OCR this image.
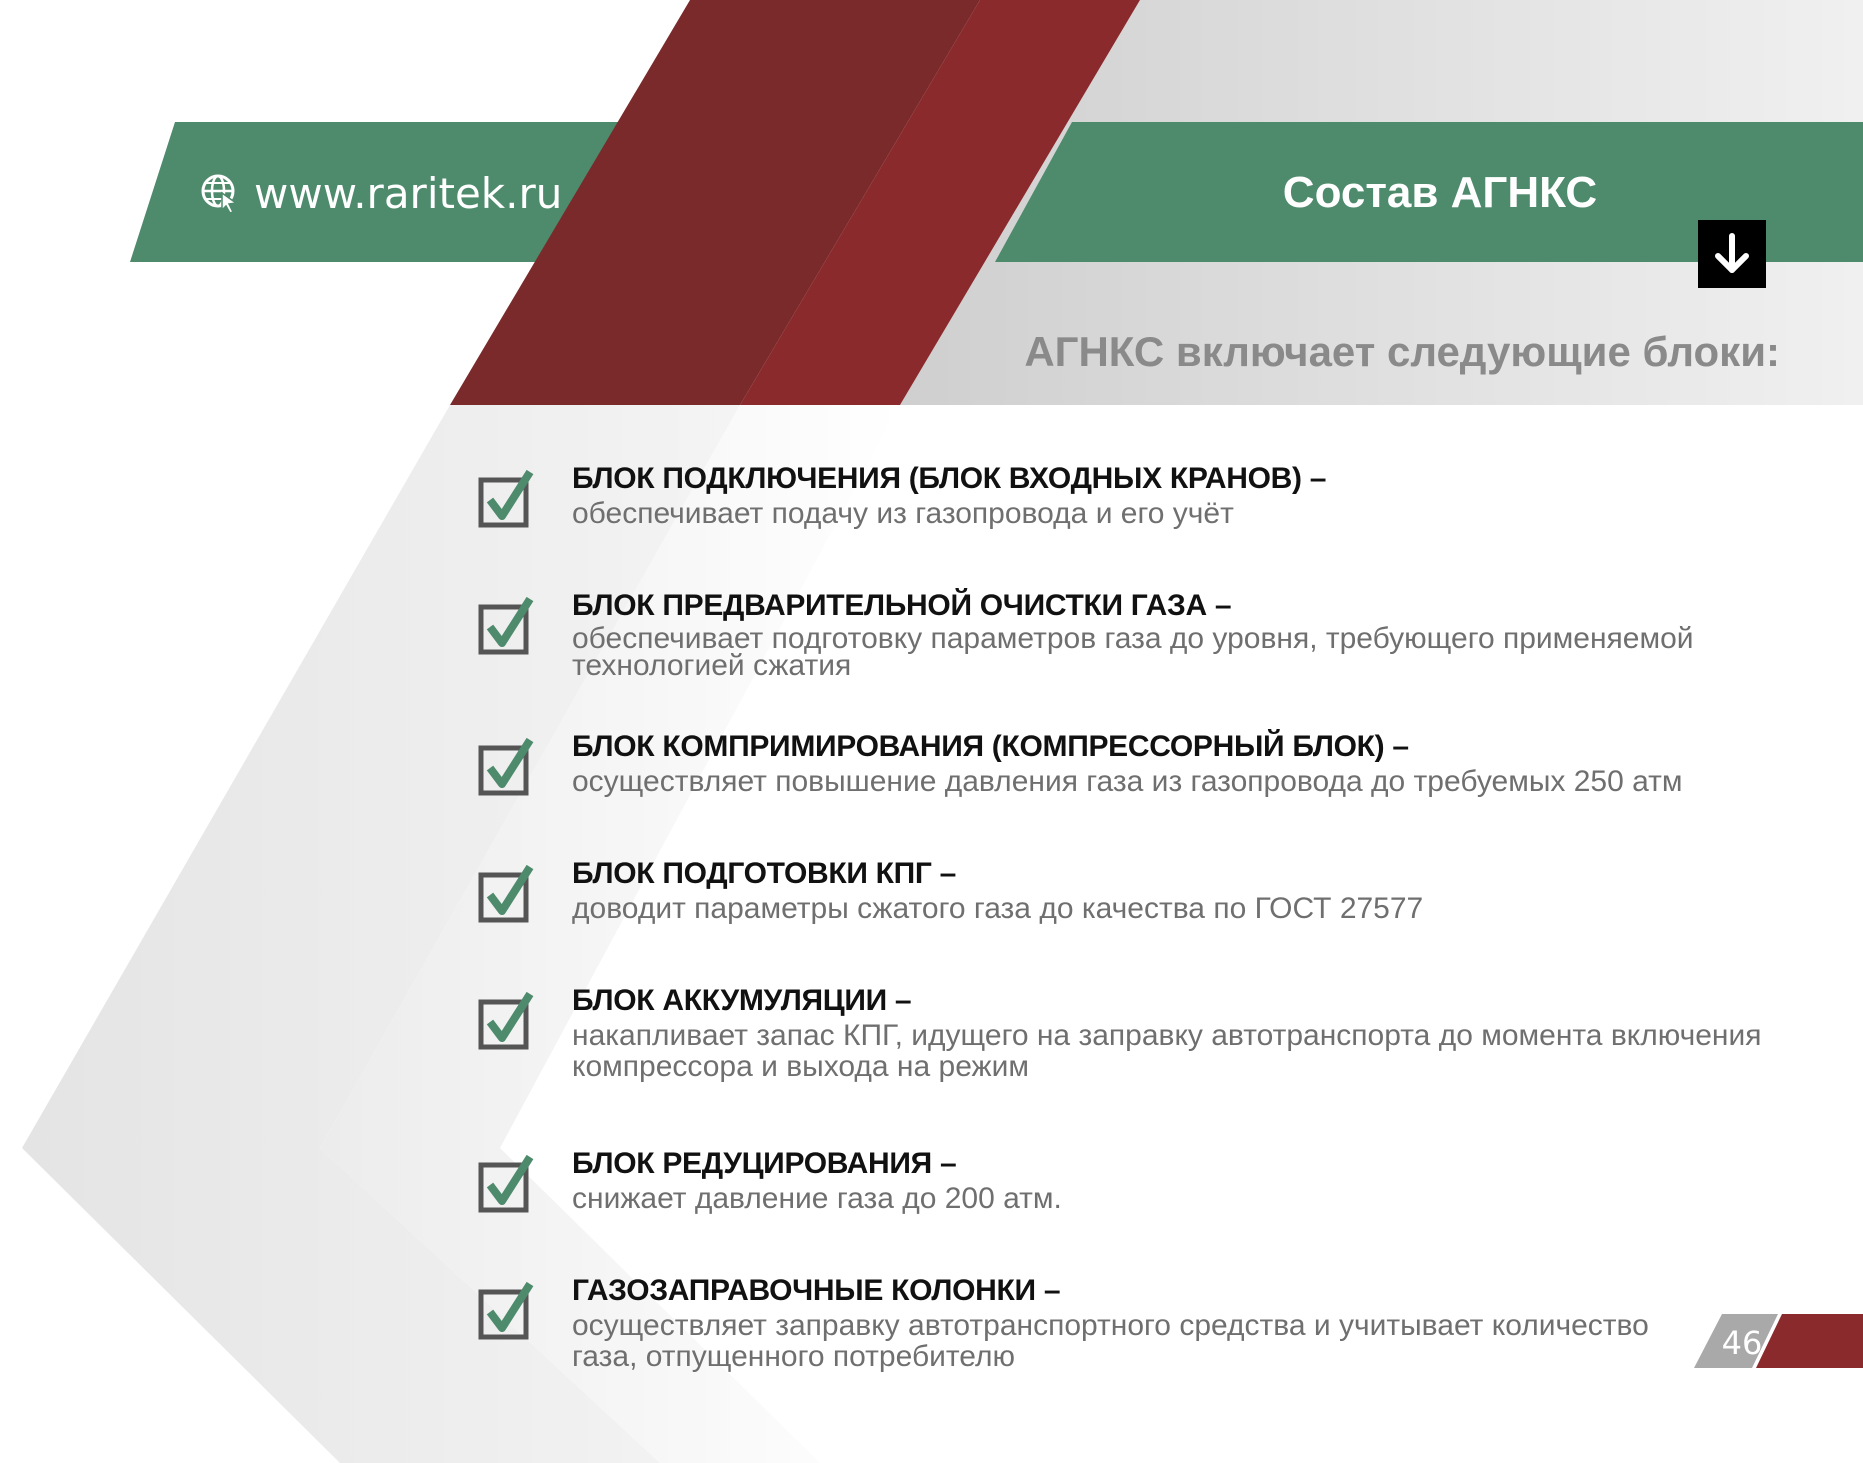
www.raritek.ru	Состав АГНКС
АГНКС включает следующие блоки:
БЛОК ПОДКЛЮЧЕНИЯ (БЛОК ВХОДНЫХ КРАНОВ) –
обеспечивает подачу из газопровода и его учёт
БЛОК ПРЕДВАРИТЕЛЬНОЙ ОЧИСТКИ ГАЗА –
обеспечивает подготовку параметров газа до уровня, требующего применяемой технологией сжатия
БЛОК КОМПРИМИРОВАНИЯ (КОМПРЕССОРНЫЙ БЛОК) –
осуществляет повышение давления газа из газопровода до требуемых 250 атм
БЛОК ПОДГОТОВКИ КПГ –
доводит параметры сжатого газа до качества по ГОСТ 27577
БЛОК АККУМУЛЯЦИИ –
накапливает запас КПГ, идущего на заправку автотранспорта до момента включения компрессора и выхода на режим
БЛОК РЕДУЦИРОВАНИЯ –
снижает давление газа до 200 атм.
ГАЗОЗАПРАВОЧНЫЕ КОЛОНКИ –
осуществляет заправку автотранспортного средства и учитывает количество газа, отпущенного потребителю	46
